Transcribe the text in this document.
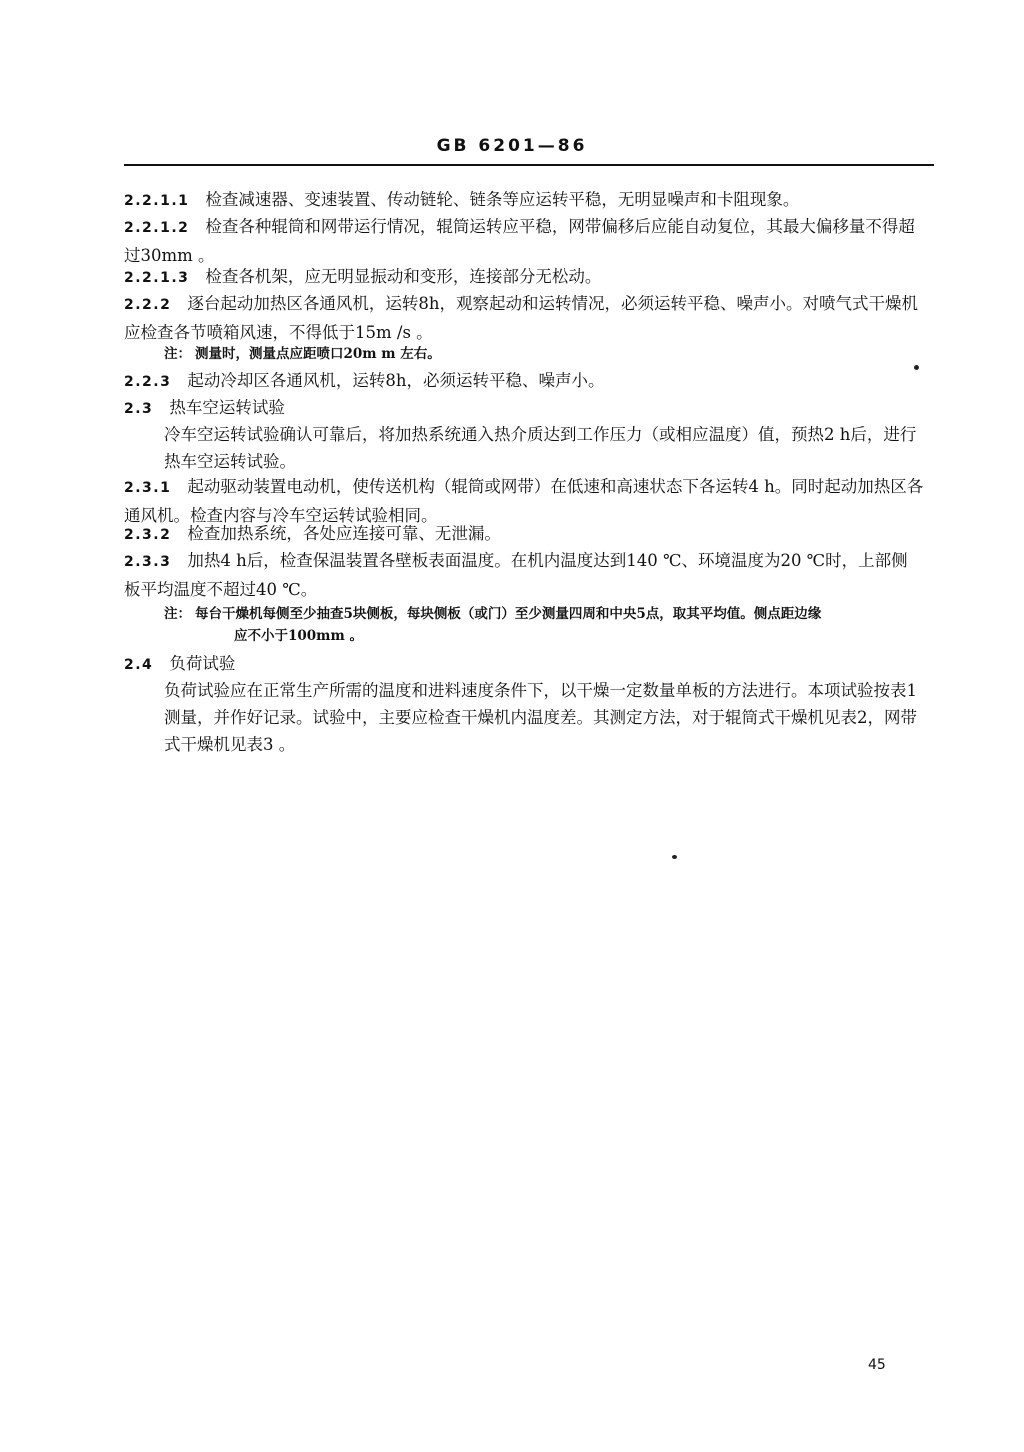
GB 6201—86

2.2.1.1 检查减速器、变速装置、传动链轮、链条等应运转平稳，无明显噪声和卡阻现象。

2.2.1.2 检查各种辊筒和网带运行情况，辊筒运转应平稳，网带偏移后应能自动复位，其最大偏移量不得超过30mm 。

2.2.1.3 检查各机架，应无明显振动和变形，连接部分无松动。

2.2.2 逐台起动加热区各通风机，运转8h，观察起动和运转情况，必须运转平稳、噪声小。对喷气式干燥机应检查各节喷箱风速，不得低于15m /s 。

注： 测量时，测量点应距喷口20m m 左右。

2.2.3 起动冷却区各通风机，运转8h，必须运转平稳、噪声小。

2.3 热车空运转试验

冷车空运转试验确认可靠后，将加热系统通入热介质达到工作压力（或相应温度）值，预热2 h后，进行热车空运转试验。

2.3.1 起动驱动装置电动机，使传送机构（辊筒或网带）在低速和高速状态下各运转4 h。同时起动加热区各通风机。检查内容与冷车空运转试验相同。

2.3.2 检查加热系统，各处应连接可靠、无泄漏。

2.3.3 加热4 h后，检查保温装置各壁板表面温度。在机内温度达到140 ℃、环境温度为20 ℃时，上部侧板平均温度不超过40 ℃。

注： 每台干燥机每侧至少抽查5块侧板，每块侧板（或门）至少测量四周和中央5点，取其平均值。侧点距边缘
应不小于100mm 。

2.4 负荷试验

负荷试验应在正常生产所需的温度和进料速度条件下，以干燥一定数量单板的方法进行。本项试验按表1测量，并作好记录。试验中，主要应检查干燥机内温度差。其测定方法，对于辊筒式干燥机见表2，网带式干燥机见表3 。

45
